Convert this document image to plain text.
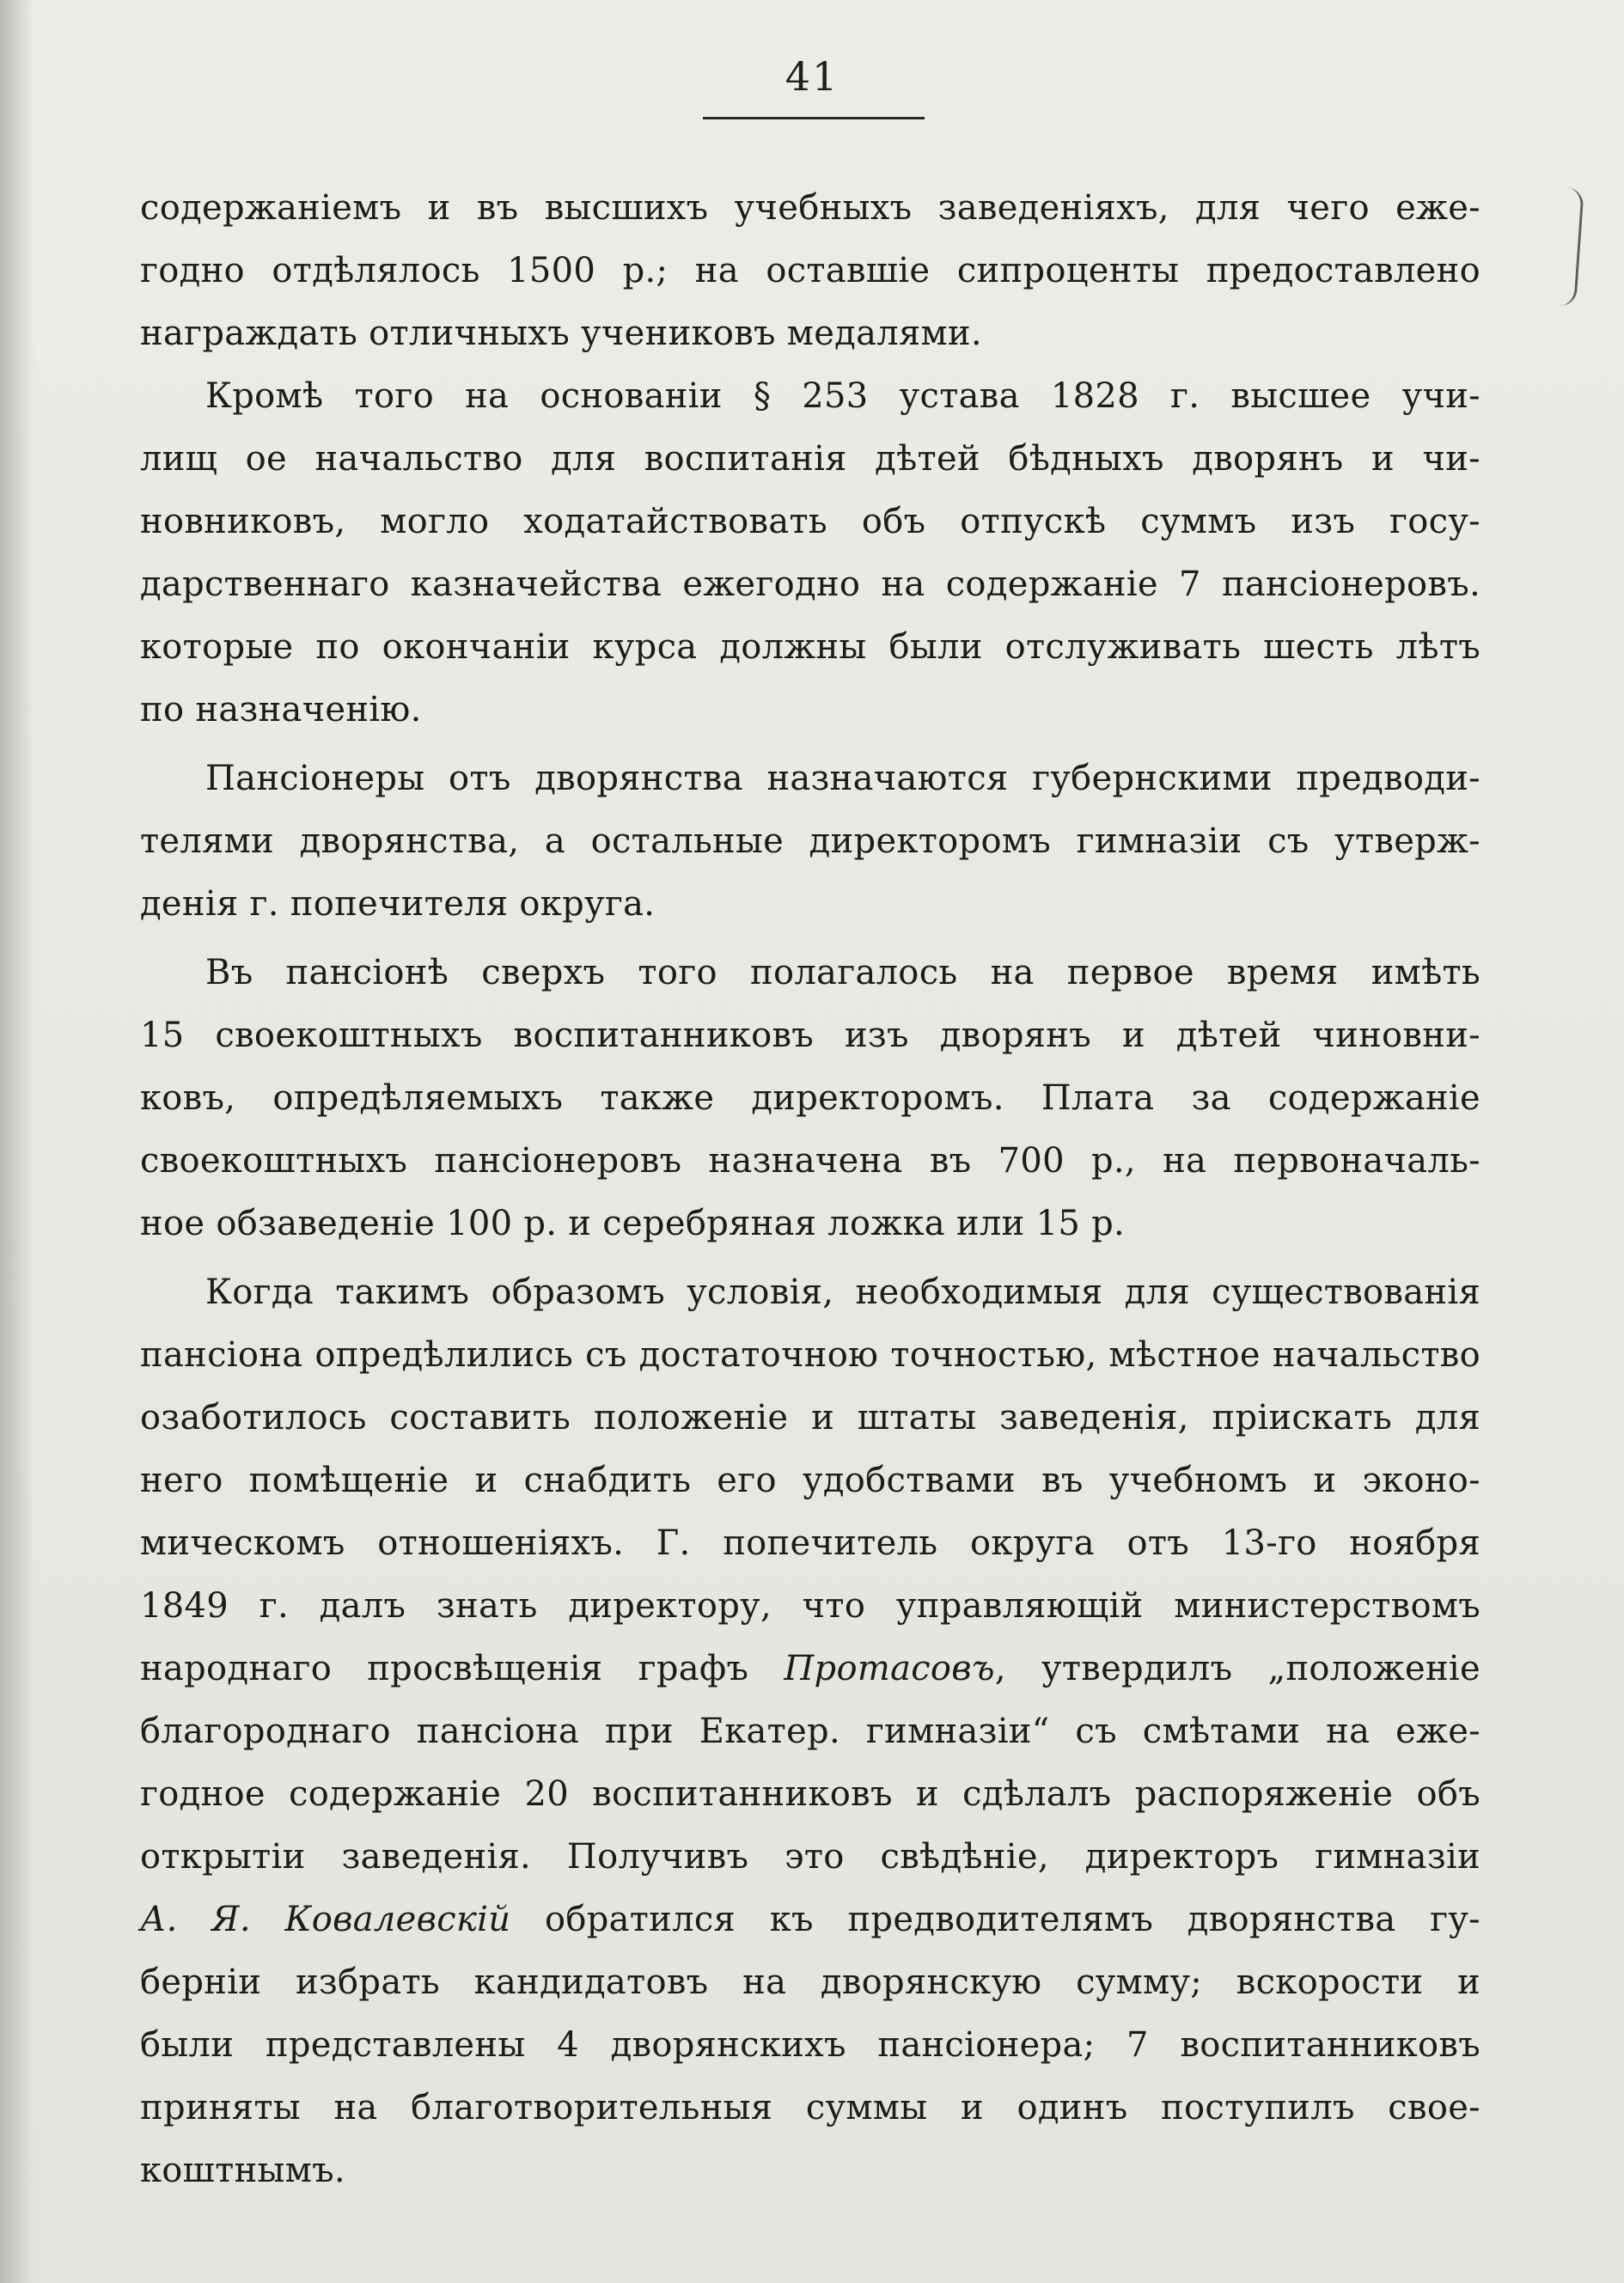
41
содержанiемъ и въ высшихъ учебныхъ заведенiяхъ, для чего еже-
годно отдѣлялось 1500 р.; на оставшiе сипроценты предоставлено
награждать отличныхъ учениковъ медалями.
Кромѣ того на основанiи § 253 устава 1828 г. высшее учи-
лищ ое начальство для воспитанiя дѣтей бѣдныхъ дворянъ и чи-
новниковъ, могло ходатайствовать объ отпускѣ суммъ изъ госу-
дарственнаго казначейства ежегодно на содержанiе 7 пансiонеровъ.
которые по окончанiи курса должны были отслуживать шесть лѣтъ
по назначенiю.
Пансiонеры отъ дворянства назначаются губернскими предводи-
телями дворянства, а остальные директоромъ гимназiи съ утверж-
денiя г. попечителя округа.
Въ пансiонѣ сверхъ того полагалось на первое время имѣть
15 своекоштныхъ воспитанниковъ изъ дворянъ и дѣтей чиновни-
ковъ, опредѣляемыхъ также директоромъ. Плата за содержанiе
своекоштныхъ пансiонеровъ назначена въ 700 р., на первоначаль-
ное обзаведенiе 100 р. и серебряная ложка или 15 р.
Когда такимъ образомъ условiя, необходимыя для существованiя
пансiона опредѣлились съ достаточною точностью, мѣстное начальство
озаботилось составить положенiе и штаты заведенiя, прiискать для
него помѣщенiе и снабдить его удобствами въ учебномъ и эконо-
мическомъ отношенiяхъ. Г. попечитель округа отъ 13-го ноября
1849 г. далъ знать директору, что управляющiй министерствомъ
народнаго просвѣщенiя графъ Протасовъ, утвердилъ „положенiе
благороднаго пансiона при Екатер. гимназiи“ съ смѣтами на еже-
годное содержанiе 20 воспитанниковъ и сдѣлалъ распоряженiе объ
открытiи заведенiя. Получивъ это свѣдѣнiе, директоръ гимназiи
А. Я. Ковалевскiй обратился къ предводителямъ дворянства гу-
бернiи избрать кандидатовъ на дворянскую сумму; вскорости и
были представлены 4 дворянскихъ пансiонера; 7 воспитанниковъ
приняты на благотворительныя суммы и одинъ поступилъ свое-
коштнымъ.
